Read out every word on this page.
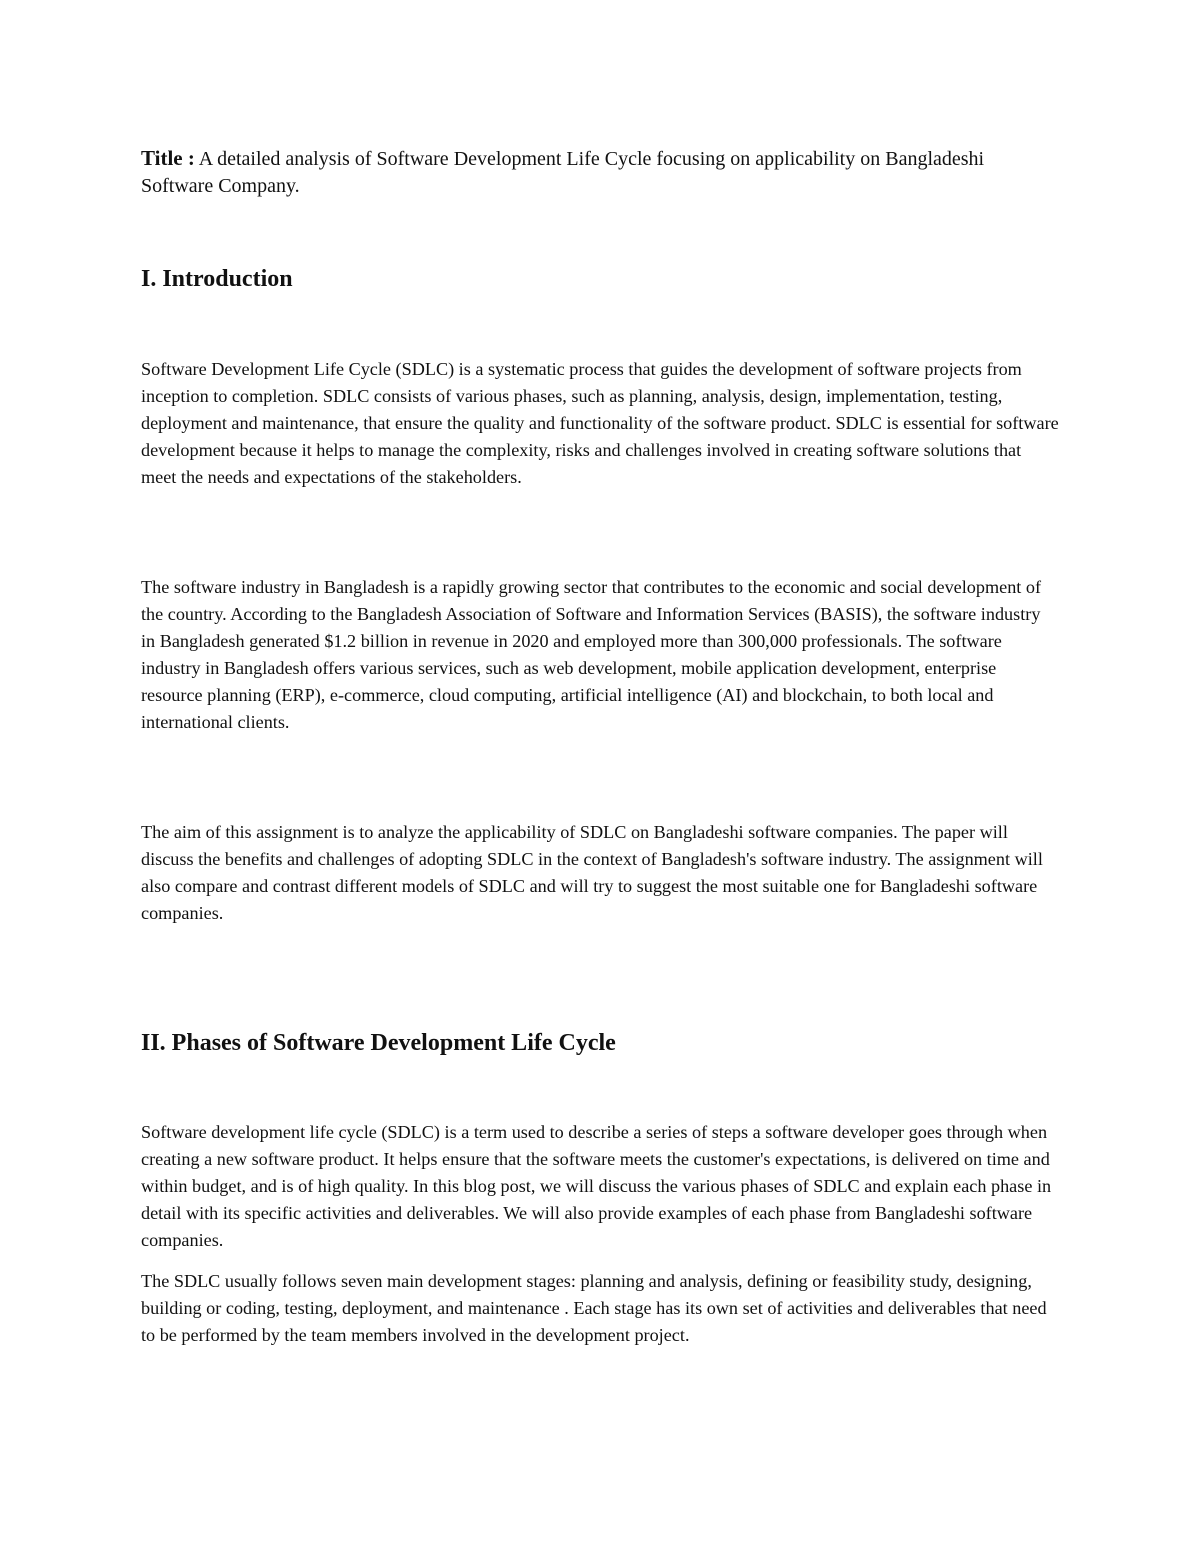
Title : A detailed analysis of Software Development Life Cycle focusing on applicability on Bangladeshi Software Company.

I. Introduction

Software Development Life Cycle (SDLC) is a systematic process that guides the development of software projects from inception to completion. SDLC consists of various phases, such as planning, analysis, design, implementation, testing, deployment and maintenance, that ensure the quality and functionality of the software product. SDLC is essential for software development because it helps to manage the complexity, risks and challenges involved in creating software solutions that meet the needs and expectations of the stakeholders.

The software industry in Bangladesh is a rapidly growing sector that contributes to the economic and social development of the country. According to the Bangladesh Association of Software and Information Services (BASIS), the software industry in Bangladesh generated $1.2 billion in revenue in 2020 and employed more than 300,000 professionals. The software industry in Bangladesh offers various services, such as web development, mobile application development, enterprise resource planning (ERP), e-commerce, cloud computing, artificial intelligence (AI) and blockchain, to both local and international clients.

The aim of this assignment is to analyze the applicability of SDLC on Bangladeshi software companies. The paper will discuss the benefits and challenges of adopting SDLC in the context of Bangladesh's software industry. The assignment will also compare and contrast different models of SDLC and will try to suggest the most suitable one for Bangladeshi software companies.

II. Phases of Software Development Life Cycle

Software development life cycle (SDLC) is a term used to describe a series of steps a software developer goes through when creating a new software product. It helps ensure that the software meets the customer's expectations, is delivered on time and within budget, and is of high quality. In this blog post, we will discuss the various phases of SDLC and explain each phase in detail with its specific activities and deliverables. We will also provide examples of each phase from Bangladeshi software companies.

The SDLC usually follows seven main development stages: planning and analysis, defining or feasibility study, designing, building or coding, testing, deployment, and maintenance . Each stage has its own set of activities and deliverables that need to be performed by the team members involved in the development project.
